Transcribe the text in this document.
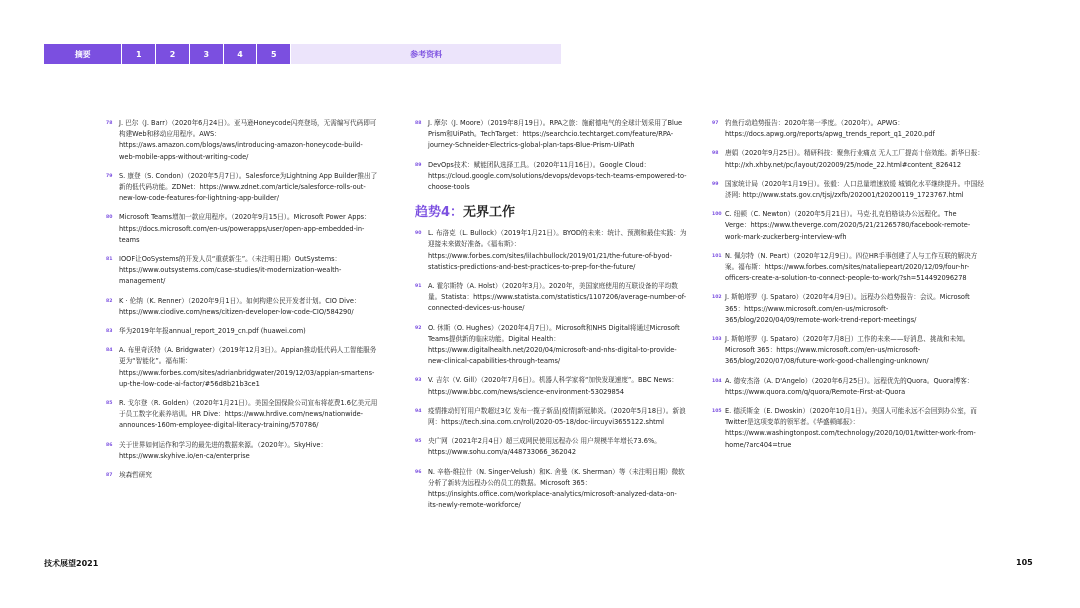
摘要	1	2	3	4	5	参考资料
78 J. 巴尔（J. Barr）（2020年6月24日）。亚马逊Honeycode闪亮登场，无需编写代码即可构建Web和移动应用程序。AWS：https://aws.amazon.com/blogs/aws/introducing-amazon-honeycode-build-web-mobile-apps-without-writing-code/
79 S. 康登（S. Condon）（2020年5月7日）。Salesforce为Lightning App Builder推出了新的低代码功能。ZDNet：https://www.zdnet.com/article/salesforce-rolls-out-new-low-code-features-for-lightning-app-builder/
80 Microsoft Teams增加一款应用程序。（2020年9月15日）。Microsoft Power Apps：https://docs.microsoft.com/en-us/powerapps/user/open-app-embedded-in-teams
81 IOOF让OoSystems的开发人员“重获新生”。（未注明日期）OutSystems：https://www.outsystems.com/case-studies/it-modernization-wealth-management/
82 K · 伦纳（K. Renner）（2020年9月1日）。如何构建公民开发者计划。CIO Dive：https://www.ciodive.com/news/citizen-developer-low-code-CIO/584290/
83 华为2019年年报annual_report_2019_cn.pdf (huawei.com)
84 A. 布里奇沃特（A. Bridgwater）（2019年12月3日）。Appian推动低代码人工智能服务更为“智能化”。福布斯：https://www.forbes.com/sites/adrianbridgwater/2019/12/03/appian-smartens-up-the-low-code-ai-factor/#56d8b21b3ce1
85 R. 戈尔登（R. Golden）（2020年1月21日）。美国全国保险公司宣布将花费1.6亿美元用于员工数字化素养培训。HR Dive：https://www.hrdive.com/news/nationwide-announces-160m-employee-digital-literacy-training/570786/
86 关于世界如何运作和学习的最先进的数据来源。（2020年）。SkyHive：https://www.skyhive.io/en-ca/enterprise
87 埃森哲研究
88 J. 摩尔（J. Moore）（2019年8月19日）。RPA之旅：施耐德电气的全球计划采用了Blue Prism和UiPath。TechTarget：https://searchcio.techtarget.com/feature/RPA-journey-Schneider-Electrics-global-plan-taps-Blue-Prism-UiPath
89 DevOps技术：赋能团队选择工具。（2020年11月16日）。Google Cloud：https://cloud.google.com/solutions/devops/devops-tech-teams-empowered-to-choose-tools
趋势4：无界工作
90 L. 布洛克（L. Bullock）（2019年1月21日）。BYOD的未来：统计、预测和最佳实践：为迎接未来做好准备。《福布斯》：https://www.forbes.com/sites/lilachbullock/2019/01/21/the-future-of-byod-statistics-predictions-and-best-practices-to-prep-for-the-future/
91 A. 霍尔斯特（A. Holst）（2020年3月）。2020年，美国家庭使用的互联设备的平均数量。Statista：https://www.statista.com/statistics/1107206/average-number-of-connected-devices-us-house/
92 O. 休斯（O. Hughes）（2020年4月7日）。Microsoft和NHS Digital将通过Microsoft Teams提供新的临床功能。Digital Health：https://www.digitalhealth.net/2020/04/microsoft-and-nhs-digital-to-provide-new-clinical-capabilities-through-teams/
93 V. 吉尔（V. Gill）（2020年7月6日）。机器人科学家将“加快发现速度”。BBC News：https://www.bbc.com/news/science-environment-53029854
94 疫情推动钉钉用户数超过3亿 发布一揽子新品|疫情|新冠肺炎。（2020年5月18日）。新浪网：https://tech.sina.com.cn/roll/2020-05-18/doc-iircuyvi3655122.shtml
95 央广网（2021年2月4日）超三成网民使用远程办公 用户规模半年增长73.6%。https://www.sohu.com/a/448733066_362042
96 N. 辛格-维拉什（N. Singer-Velush）和K. 舍曼（K. Sherman）等（未注明日期）微软分析了新转为远程办公的员工的数据。Microsoft 365：https://insights.office.com/workplace-analytics/microsoft-analyzed-data-on-its-newly-remote-workforce/
97 钓鱼行动趋势报告：2020年第一季度。（2020年）。APWG：https://docs.apwg.org/reports/apwg_trends_report_q1_2020.pdf
98 唐娟（2020年9月25日）。精研科技：聚焦行业痛点 无人工厂提高十倍效能。新华日报：http://xh.xhby.net/pc/layout/202009/25/node_22.html#content_826412
99 国家统计局（2020年1月19日）。张毅：人口总量增速放缓 城镇化水平继续提升。中国经济网: http://www.stats.gov.cn/tjsj/zxfb/202001/t20200119_1723767.html
100 C. 纽顿（C. Newton）（2020年5月21日）。马克·扎克伯格谈办公远程化。The Verge：https://www.theverge.com/2020/5/21/21265780/facebook-remote-work-mark-zuckerberg-interview-wfh
101 N. 佩尔特（N. Peart）（2020年12月9日）。四位HR手事创建了人与工作互联的解决方案。福布斯：https://www.forbes.com/sites/nataliepeart/2020/12/09/four-hr-officers-create-a-solution-to-connect-people-to-work/?sh=514492096278
102 J. 斯帕塔罗（J. Spataro）（2020年4月9日）。远程办公趋势报告：会议。Microsoft 365：https://www.microsoft.com/en-us/microsoft-365/blog/2020/04/09/remote-work-trend-report-meetings/
103 J. 斯帕塔罗（J. Spataro）（2020年7月8日）工作的未来——好消息、挑战和未知。Microsoft 365：https://www.microsoft.com/en-us/microsoft-365/blog/2020/07/08/future-work-good-challenging-unknown/
104 A. 德安杰洛（A. D'Angelo）（2020年6月25日）。远程优先的Quora。Quora博客：https://www.quora.com/q/quora/Remote-First-at-Quora
105 E. 德沃斯金（E. Dwoskin）（2020年10月1日）。美国人可能永远不会回到办公室，而Twitter是这项变革的领军者。《华盛顿邮报》：https://www.washingtonpost.com/technology/2020/10/01/twitter-work-from-home/?arc404=true
技术展望2021	105
